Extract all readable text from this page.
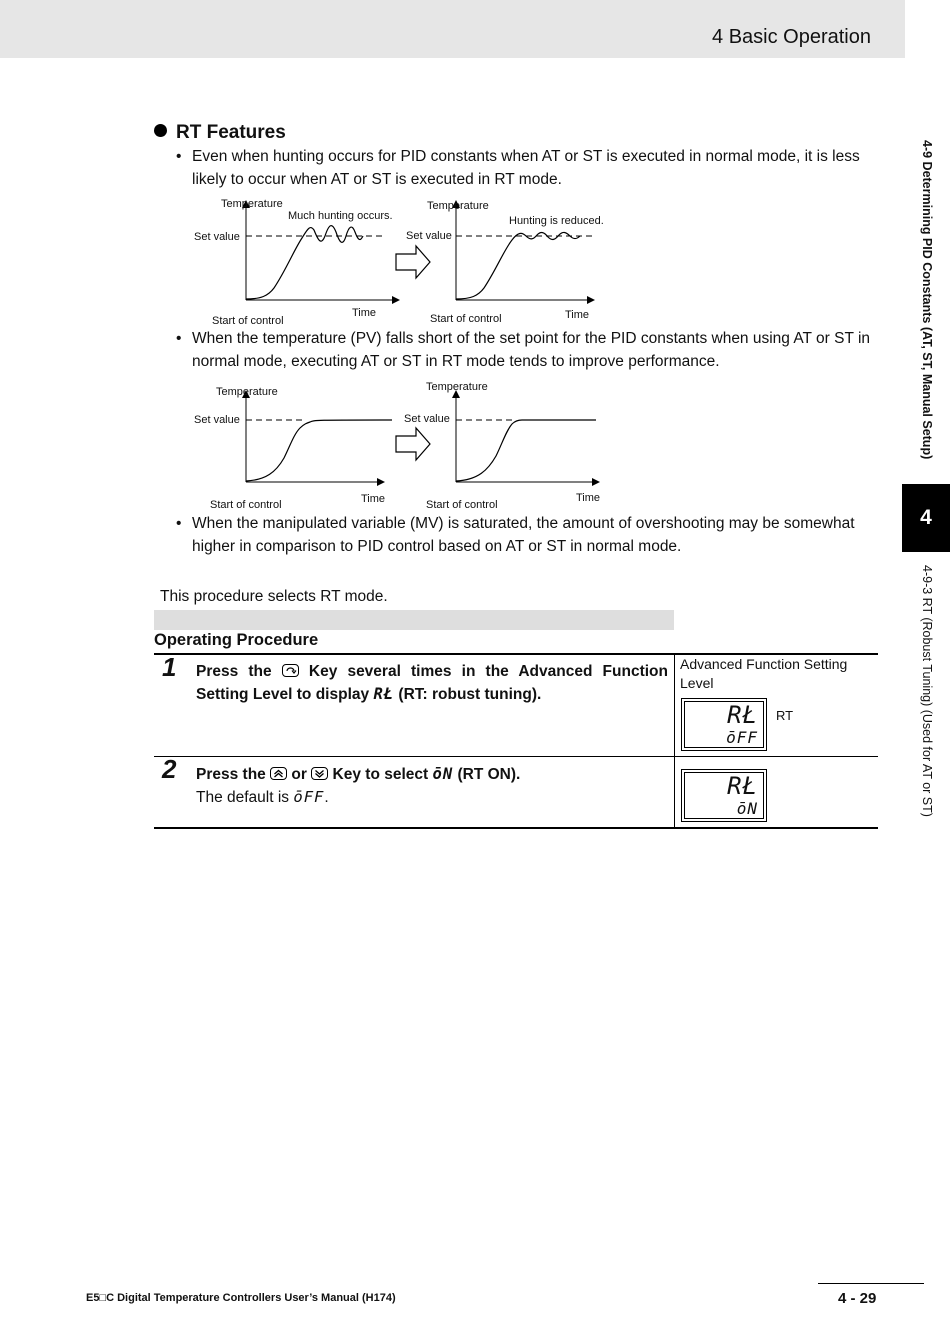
4 Basic Operation
4-9 Determining PID Constants (AT, ST, Manual Setup)
4
4-9-3 RT (Robust Tuning) (Used for AT or ST)
RT Features
• Even when hunting occurs for PID constants when AT or ST is executed in normal mode, it is less likely to occur when AT or ST is executed in RT mode.
Temperature
Much hunting occurs.
Set value
Time
Start of control
Temperature
Hunting is reduced.
Set value
Time
Start of control
• When the temperature (PV) falls short of the set point for the PID constants when using AT or ST in normal mode, executing AT or ST in RT mode tends to improve performance.
Temperature
Set value
Time
Start of control
Temperature
Set value
Time
Start of control
• When the manipulated variable (MV) is saturated, the amount of overshooting may be somewhat higher in comparison to PID control based on AT or ST in normal mode.
This procedure selects RT mode.
Operating Procedure
1 Press the
Key several times in the Advanced Function Setting Level to display RŁ (RT: robust tuning).
Advanced Function Setting Level
RŁ
ōFF
RT
2 Press the
or
Key to select ōN (RT ON).
The default is ōFF.	RŁ
ōN
E5□C Digital Temperature Controllers User’s Manual (H174)	4 - 29
